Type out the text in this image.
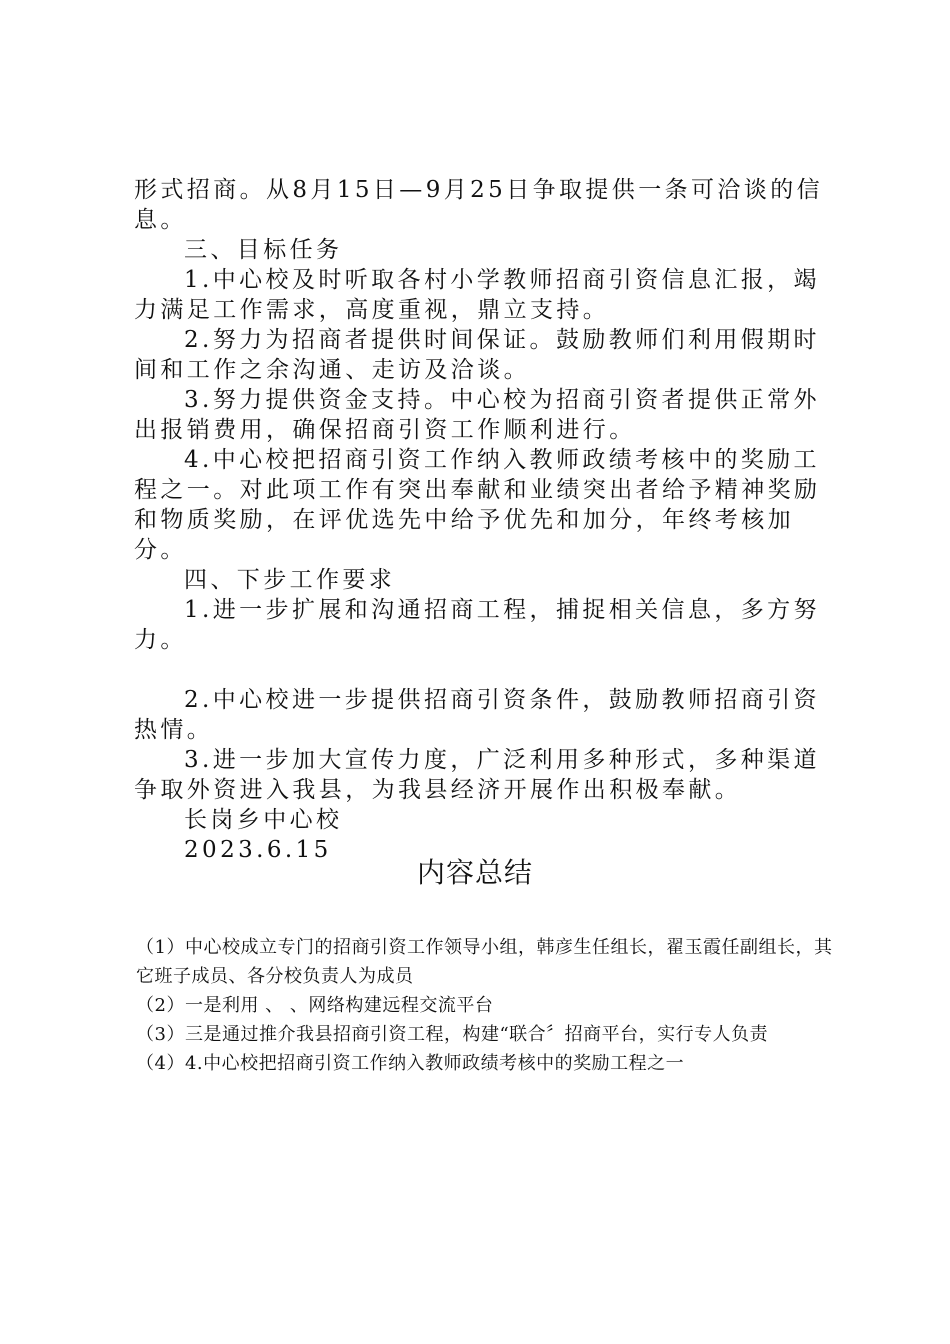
形式招商。从8月15日—9月25日争取提供一条可洽谈的信息。

三、目标任务

1.中心校及时听取各村小学教师招商引资信息汇报，竭力满足工作需求，高度重视，鼎立支持。

2.努力为招商者提供时间保证。鼓励教师们利用假期时间和工作之余沟通、走访及洽谈。

3.努力提供资金支持。中心校为招商引资者提供正常外出报销费用，确保招商引资工作顺利进行。

4.中心校把招商引资工作纳入教师政绩考核中的奖励工程之一。对此项工作有突出奉献和业绩突出者给予精神奖励和物质奖励，在评优选先中给予优先和加分，年终考核加分。

四、下步工作要求

1.进一步扩展和沟通招商工程，捕捉相关信息，多方努力。

2.中心校进一步提供招商引资条件，鼓励教师招商引资热情。

3.进一步加大宣传力度，广泛利用多种形式，多种渠道争取外资进入我县，为我县经济开展作出积极奉献。

长岗乡中心校

2023.6.15

内容总结

（1）中心校成立专门的招商引资工作领导小组，韩彦生任组长，翟玉霞任副组长，其它班子成员、各分校负责人为成员

（2）一是利用 、 、网络构建远程交流平台

（3）三是通过推介我县招商引资工程，构建“联合〞招商平台，实行专人负责

（4）4.中心校把招商引资工作纳入教师政绩考核中的奖励工程之一
